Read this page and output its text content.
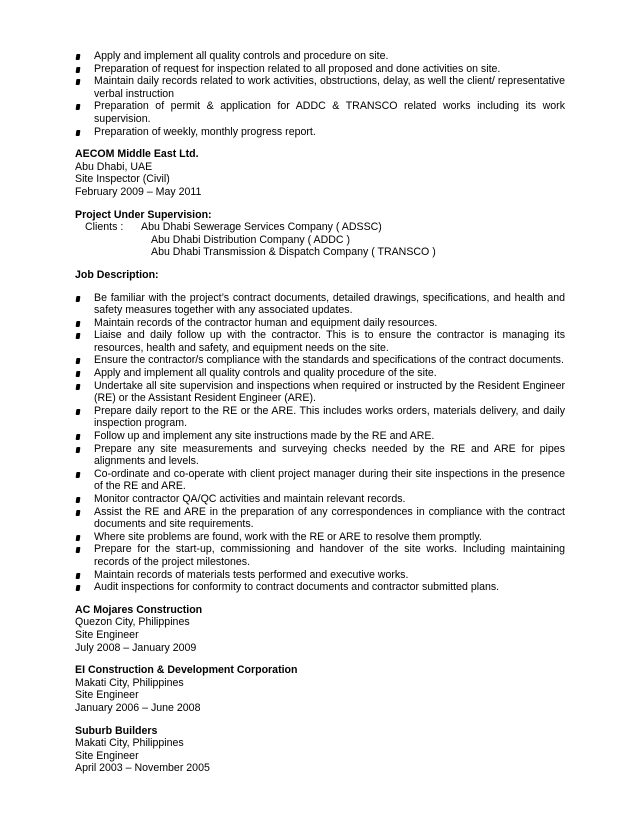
Apply and implement all quality controls and procedure on site.
Preparation of request for inspection related to all proposed and done activities on site.
Maintain daily records related to work activities, obstructions, delay, as well the client/ representative verbal instruction
Preparation of permit & application for ADDC & TRANSCO related works including its work supervision.
Preparation of weekly, monthly progress report.
AECOM Middle East Ltd.
Abu Dhabi, UAE
Site Inspector (Civil)
February 2009 – May 2011
Project Under Supervision:
Clients : Abu Dhabi Sewerage Services Company ( ADSSC)
Abu Dhabi Distribution Company ( ADDC )
Abu Dhabi Transmission & Dispatch Company ( TRANSCO )
Job Description:
Be familiar with the project’s contract documents, detailed drawings, specifications, and health and safety measures together with any associated updates.
Maintain records of the contractor human and equipment daily resources.
Liaise and daily follow up with the contractor. This is to ensure the contractor is managing its resources, health and safety, and equipment needs on the site.
Ensure the contractor/s compliance with the standards and specifications of the contract documents.
Apply and implement all quality controls and quality procedure of the site.
Undertake all site supervision and inspections when required or instructed by the Resident Engineer (RE) or the Assistant Resident Engineer (ARE).
Prepare daily report to the RE or the ARE. This includes works orders, materials delivery, and daily inspection program.
Follow up and implement any site instructions made by the RE and ARE.
Prepare any site measurements and surveying checks needed by the RE and ARE for pipes alignments and levels.
Co-ordinate and co-operate with client project manager during their site inspections in the presence of the RE and ARE.
Monitor contractor QA/QC activities and maintain relevant records.
Assist the RE and ARE in the preparation of any correspondences in compliance with the contract documents and site requirements.
Where site problems are found, work with the RE or ARE to resolve them promptly.
Prepare for the start-up, commissioning and handover of the site works. Including maintaining records of the project milestones.
Maintain records of materials tests performed and executive works.
Audit inspections for conformity to contract documents and contractor submitted plans.
AC Mojares Construction
Quezon City, Philippines
Site Engineer
July 2008 – January 2009
EI Construction & Development Corporation
Makati City, Philippines
Site Engineer
January 2006 – June 2008
Suburb Builders
Makati City, Philippines
Site Engineer
April 2003 – November 2005
